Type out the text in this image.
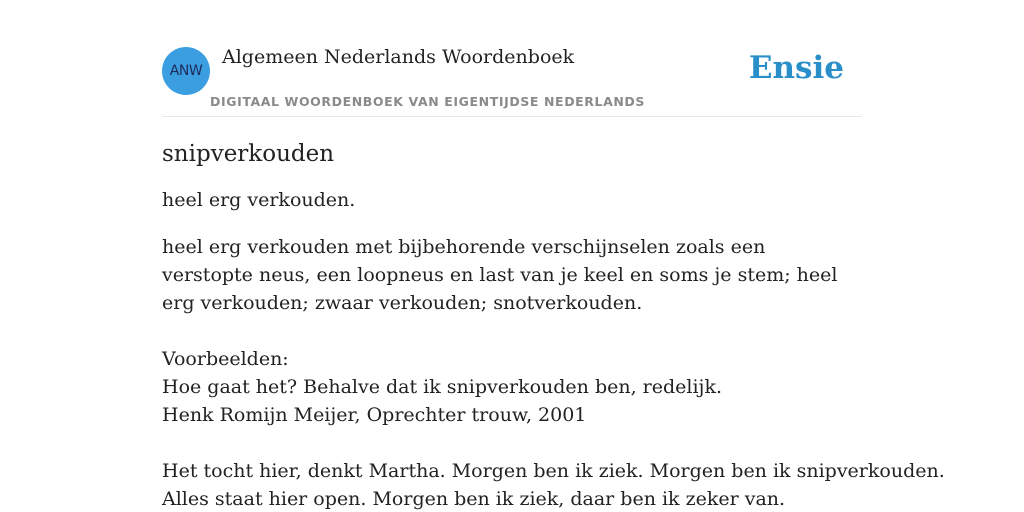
ANW
Algemeen Nederlands Woordenboek
DIGITAAL WOORDENBOEK VAN EIGENTIJDSE NEDERLANDS
Ensie
snipverkouden

heel erg verkouden.

heel erg verkouden met bijbehorende verschijnselen zoals een verstopte neus, een loopneus en last van je keel en soms je stem; heel erg verkouden; zwaar verkouden; snotverkouden.

Voorbeelden:
Hoe gaat het? Behalve dat ik snipverkouden ben, redelijk.
Henk Romijn Meijer, Oprechter trouw, 2001
Het tocht hier, denkt Martha. Morgen ben ik ziek. Morgen ben ik snipverkouden.
Alles staat hier open. Morgen ben ik ziek, daar ben ik zeker van.
